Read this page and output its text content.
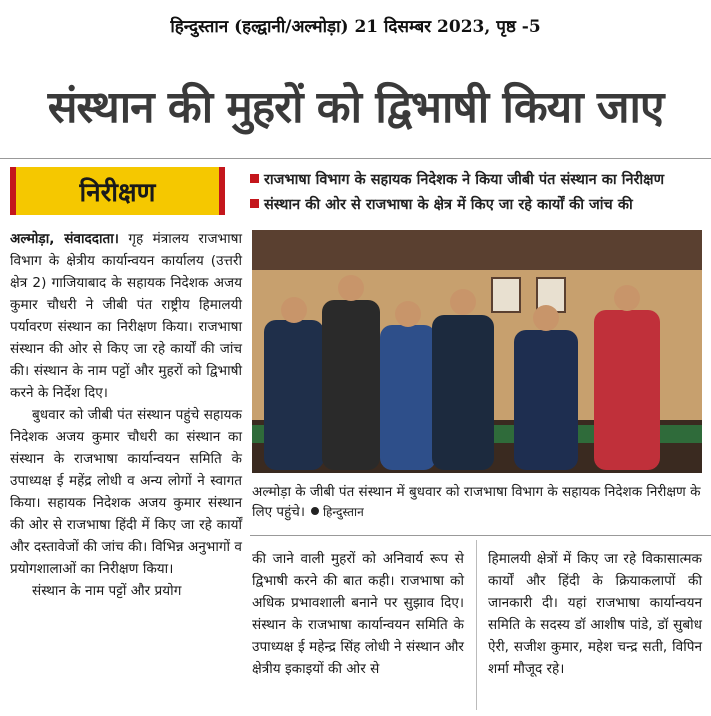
हिन्दुस्तान (हल्द्वानी/अल्मोड़ा) 21 दिसम्बर 2023, पृष्ठ -5
संस्थान की मुहरों को द्विभाषी किया जाए
निरीक्षण	राजभाषा विभाग के सहायक निदेशक ने किया जीबी पंत संस्थान का निरीक्षण
संस्थान की ओर से राजभाषा के क्षेत्र में किए जा रहे कार्यों की जांच की

अल्मोड़ा, संवाददाता। गृह मंत्रालय राजभाषा विभाग के क्षेत्रीय कार्यान्वयन कार्यालय (उत्तरी क्षेत्र 2) गाजियाबाद के सहायक निदेशक अजय कुमार चौधरी ने जीबी पंत राष्ट्रीय हिमालयी पर्यावरण संस्थान का निरीक्षण किया। राजभाषा संस्थान की ओर से किए जा रहे कार्यों की जांच की। संस्थान के नाम पट्टों और मुहरों को द्विभाषी करने के निर्देश दिए।

बुधवार को जीबी पंत संस्थान पहुंचे सहायक निदेशक अजय कुमार चौधरी का संस्थान का संस्थान के राजभाषा कार्यान्वयन समिति के उपाध्यक्ष ई महेंद्र लोधी व अन्य लोगों ने स्वागत किया। सहायक निदेशक अजय कुमार संस्थान की ओर से राजभाषा हिंदी में किए जा रहे कार्यों और दस्तावेजों की जांच की। विभिन्न अनुभागों व प्रयोगशालाओं का निरीक्षण किया।

संस्थान के नाम पट्टों और प्रयोग

अल्मोड़ा के जीबी पंत संस्थान में बुधवार को राजभाषा विभाग के सहायक निदेशक निरीक्षण के लिए पहुंचे। हिन्दुस्तान

की जाने वाली मुहरों को अनिवार्य रूप से द्विभाषी करने की बात कही। राजभाषा को अधिक प्रभावशाली बनाने पर सुझाव दिए। संस्थान के राजभाषा कार्यान्वयन समिति के उपाध्यक्ष ई महेन्द्र सिंह लोधी ने संस्थान और क्षेत्रीय इकाइयों की ओर से

हिमालयी क्षेत्रों में किए जा रहे विकासात्मक कार्यों और हिंदी के क्रियाकलापों की जानकारी दी। यहां राजभाषा कार्यान्वयन समिति के सदस्य डॉ आशीष पांडे, डॉ सुबोध ऐरी, सजीश कुमार, महेश चन्द्र सती, विपिन शर्मा मौजूद रहे।
